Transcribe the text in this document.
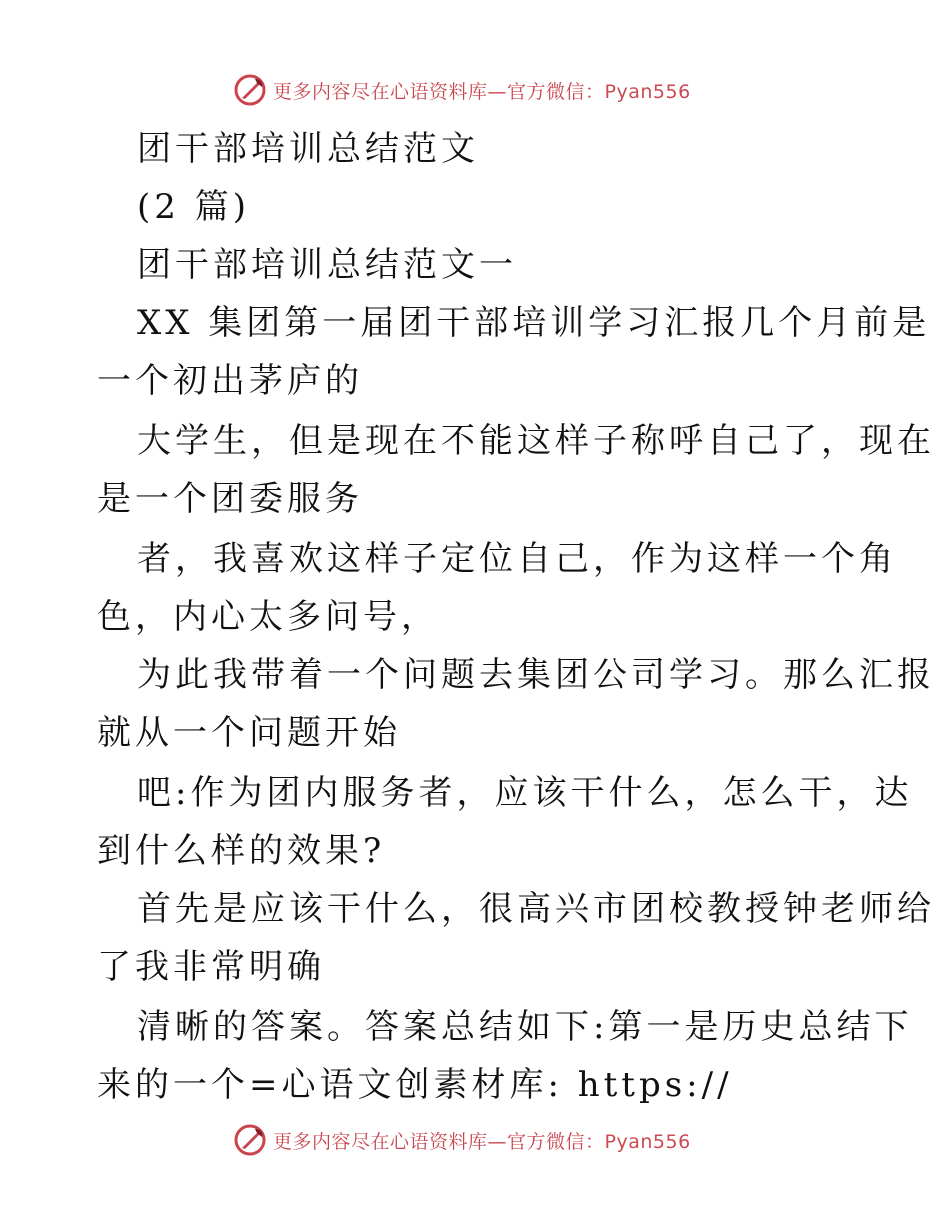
更多内容尽在心语资料库—官方微信：Pyan556
团干部培训总结范文
(2 篇)
团干部培训总结范文一
XX 集团第一届团干部培训学习汇报几个月前是
一个初出茅庐的
大学生，但是现在不能这样子称呼自己了，现在
是一个团委服务
者，我喜欢这样子定位自己，作为这样一个角
色，内心太多问号，
为此我带着一个问题去集团公司学习。那么汇报
就从一个问题开始
吧:作为团内服务者，应该干什么，怎么干，达
到什么样的效果?
首先是应该干什么，很高兴市团校教授钟老师给
了我非常明确
清晰的答案。答案总结如下:第一是历史总结下
来的一个=心语文创素材库: https://
更多内容尽在心语资料库—官方微信：Pyan556
